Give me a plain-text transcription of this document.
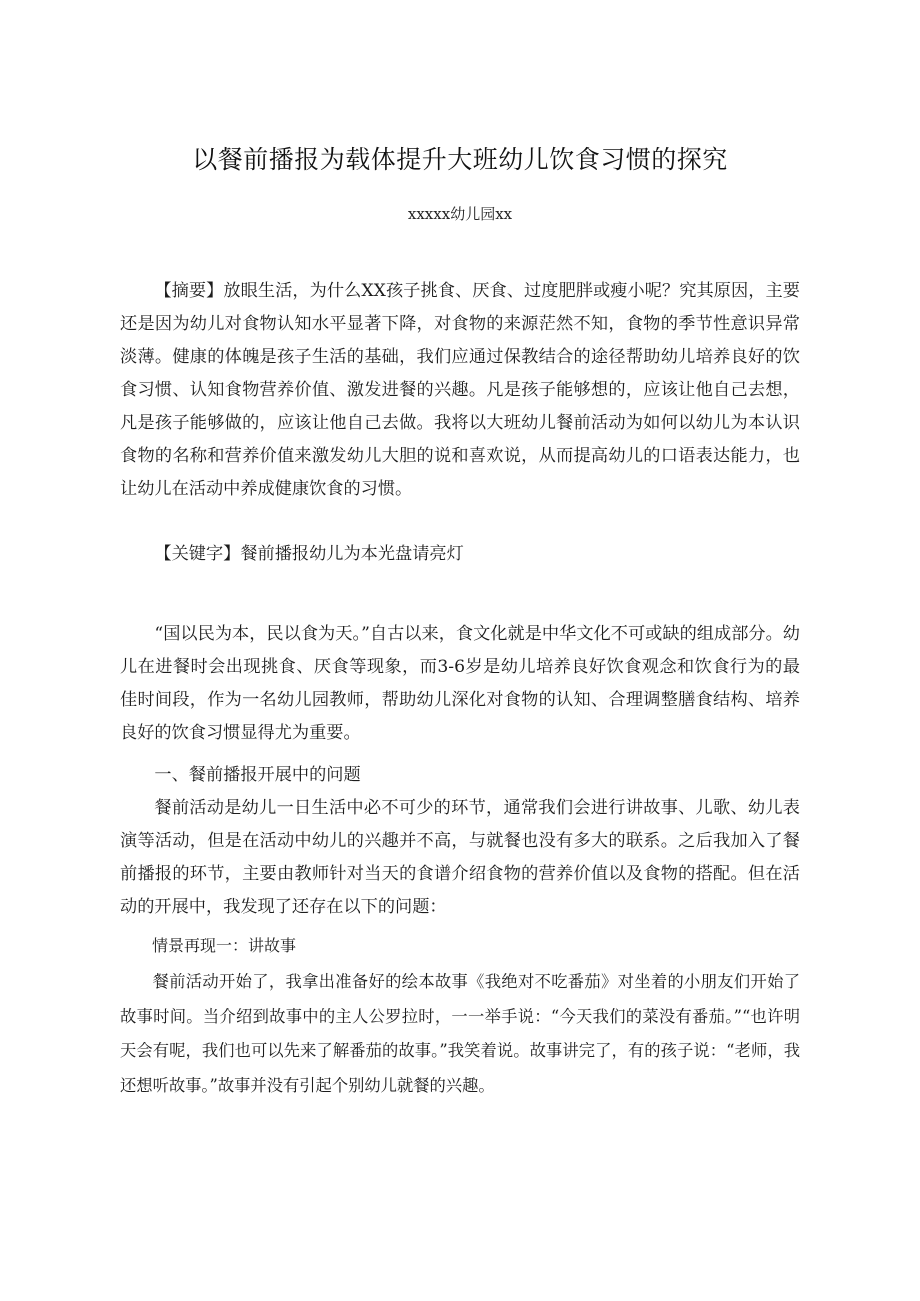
以餐前播报为载体提升大班幼儿饮食习惯的探究
xxxxx幼儿园xx

【摘要】放眼生活，为什么XX孩子挑食、厌食、过度肥胖或瘦小呢？究其原因，主要还是因为幼儿对食物认知水平显著下降，对食物的来源茫然不知，食物的季节性意识异常淡薄。健康的体魄是孩子生活的基础，我们应通过保教结合的途径帮助幼儿培养良好的饮食习惯、认知食物营养价值、激发进餐的兴趣。凡是孩子能够想的，应该让他自己去想，凡是孩子能够做的，应该让他自己去做。我将以大班幼儿餐前活动为如何以幼儿为本认识食物的名称和营养价值来激发幼儿大胆的说和喜欢说，从而提高幼儿的口语表达能力，也让幼儿在活动中养成健康饮食的习惯。

【关键字】餐前播报幼儿为本光盘请亮灯

“国以民为本，民以食为天。”自古以来，食文化就是中华文化不可或缺的组成部分。幼儿在进餐时会出现挑食、厌食等现象，而3-6岁是幼儿培养良好饮食观念和饮食行为的最佳时间段，作为一名幼儿园教师，帮助幼儿深化对食物的认知、合理调整膳食结构、培养良好的饮食习惯显得尤为重要。

一、餐前播报开展中的问题

餐前活动是幼儿一日生活中必不可少的环节，通常我们会进行讲故事、儿歌、幼儿表演等活动，但是在活动中幼儿的兴趣并不高，与就餐也没有多大的联系。之后我加入了餐前播报的环节，主要由教师针对当天的食谱介绍食物的营养价值以及食物的搭配。但在活动的开展中，我发现了还存在以下的问题：

情景再现一：讲故事

餐前活动开始了，我拿出准备好的绘本故事《我绝对不吃番茄》对坐着的小朋友们开始了故事时间。当介绍到故事中的主人公罗拉时，一一举手说：“今天我们的菜没有番茄。”“也许明天会有呢，我们也可以先来了解番茄的故事。”我笑着说。故事讲完了，有的孩子说：“老师，我还想听故事。”故事并没有引起个别幼儿就餐的兴趣。
